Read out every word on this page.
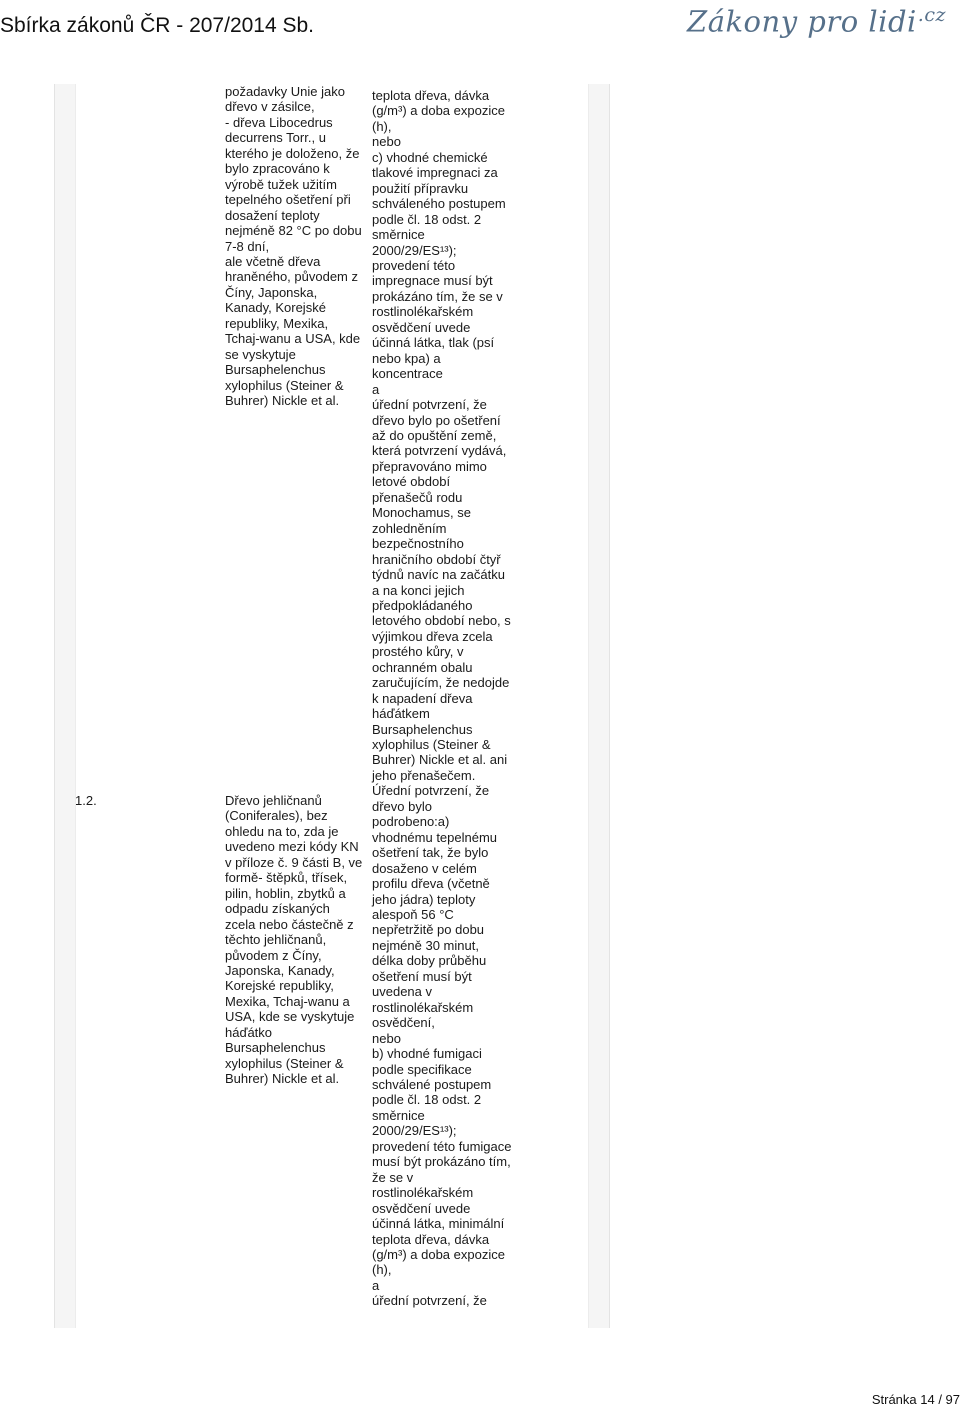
Sbírka zákonů ČR - 207/2014 Sb.	Zákony pro lidi$^{.cz}$
požadavky Unie jako
dřevo v zásilce,
- dřeva Libocedrus
decurrens Torr., u
kterého je doloženo, že
bylo zpracováno k
výrobě tužek užitím
tepelného ošetření při
dosažení teploty
nejméně 82 °C po dobu
7-8 dní,
ale včetně dřeva
hraněného, původem z
Číny, Japonska,
Kanady, Korejské
republiky, Mexika,
Tchaj-wanu a USA, kde
se vyskytuje
Bursaphelenchus
xylophilus (Steiner &
Buhrer) Nickle et al.
1.2.	Dřevo jehličnanů
(Coniferales), bez
ohledu na to, zda je
uvedeno mezi kódy KN
v příloze č. 9 části B, ve
formě- štěpků, třísek,
pilin, hoblin, zbytků a
odpadu získaných
zcela nebo částečně z
těchto jehličnanů,
původem z Číny,
Japonska, Kanady,
Korejské republiky,
Mexika, Tchaj-wanu a
USA, kde se vyskytuje
háďátko
Bursaphelenchus
xylophilus (Steiner &
Buhrer) Nickle et al.
teplota dřeva, dávka
(g/m³) a doba expozice
(h),
nebo
c) vhodné chemické
tlakové impregnaci za
použití přípravku
schváleného postupem
podle čl. 18 odst. 2
směrnice
2000/29/ES¹³);
provedení této
impregnace musí být
prokázáno tím, že se v
rostlinolékařském
osvědčení uvede
účinná látka, tlak (psí
nebo kpa) a
koncentrace
a
úřední potvrzení, že
dřevo bylo po ošetření
až do opuštění země,
která potvrzení vydává,
přepravováno mimo
letové období
přenašečů rodu
Monochamus, se
zohledněním
bezpečnostního
hraničního období čtyř
týdnů navíc na začátku
a na konci jejich
předpokládaného
letového období nebo, s
výjimkou dřeva zcela
prostého kůry, v
ochranném obalu
zaručujícím, že nedojde
k napadení dřeva
háďátkem
Bursaphelenchus
xylophilus (Steiner &
Buhrer) Nickle et al. ani
jeho přenašečem.
Úřední potvrzení, že
dřevo bylo
podrobeno:a)
vhodnému tepelnému
ošetření tak, že bylo
dosaženo v celém
profilu dřeva (včetně
jeho jádra) teploty
alespoň 56 °C
nepřetržitě po dobu
nejméně 30 minut,
délka doby průběhu
ošetření musí být
uvedena v
rostlinolékařském
osvědčení,
nebo
b) vhodné fumigaci
podle specifikace
schválené postupem
podle čl. 18 odst. 2
směrnice
2000/29/ES¹³);
provedení této fumigace
musí být prokázáno tím,
že se v
rostlinolékařském
osvědčení uvede
účinná látka, minimální
teplota dřeva, dávka
(g/m³) a doba expozice
(h),
a
úřední potvrzení, že
Stránka 14 / 97
